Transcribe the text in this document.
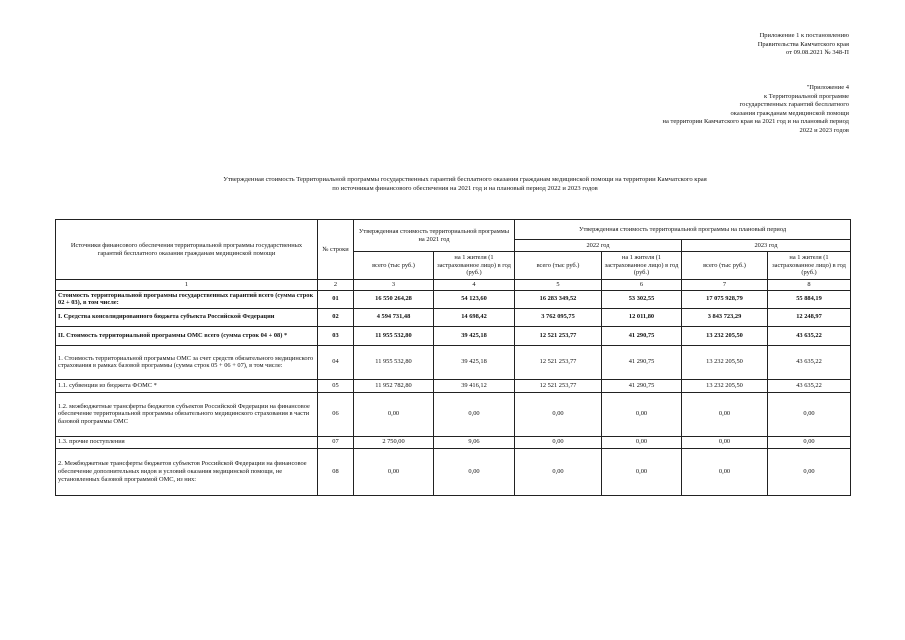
Приложение 1 к постановлению
Правительства Камчатского края
от 09.08.2021 № 348-П
"Приложение 4
к Территориальной программе
государственных гарантий бесплатного
оказания гражданам медицинской помощи
на территории Камчатского края на 2021 год и на плановый период
2022 и 2023 годов
Утвержденная стоимость Территориальной программы государственных гарантий бесплатного оказания гражданам медицинской помощи на территории Камчатского края
по источникам финансового обеспечения на 2021 год и на плановый период 2022 и 2023 годов
Источники финансового обеспечения территориальной программы государственных гарантий бесплатного оказания гражданам медицинской помощи	№ строки	Утвержденная стоимость территориальной программы на 2021 год		Утвержденная стоимость территориальной программы на плановый период			
				2022 год		2023 год	
		всего (тыс руб.)	на 1 жителя (1 застрахованное лицо) в год (руб.)	всего (тыс руб.)	на 1 жителя (1 застрахованное лицо) в год (руб.)	всего (тыс руб.)	на 1 жителя (1 застрахованное лицо) в год (руб.)
1	2	3	4	5	6	7	8
Стоимость территориальной программы государственных гарантий всего (сумма строк 02 + 03), в том числе:	01	16 550 264,28	54 123,60	16 283 349,52	53 302,55	17 075 928,79	55 884,19
I. Средства консолидированного бюджета субъекта Российской Федерации	02	4 594 731,48	14 698,42	3 762 095,75	12 011,80	3 843 723,29	12 248,97
II. Стоимость территориальной программы ОМС всего (сумма строк 04 + 08) *	03	11 955 532,80	39 425,18	12 521 253,77	41 290,75	13 232 205,50	43 635,22
1. Стоимость территориальной программы ОМС за счет средств обязательного медицинского страхования в рамках базовой программы (сумма строк 05 + 06 + 07), в том числе:	04	11 955 532,80	39 425,18	12 521 253,77	41 290,75	13 232 205,50	43 635,22
1.1. субвенции из бюджета ФОМС *	05	11 952 782,80	39 416,12	12 521 253,77	41 290,75	13 232 205,50	43 635,22
1.2. межбюджетные трансферты бюджетов субъектов Российской Федерации на финансовое обеспечение территориальной программы обязательного медицинского страхования в части базовой программы ОМС	06	0,00	0,00	0,00	0,00	0,00	0,00
1.3. прочие поступления	07	2 750,00	9,06	0,00	0,00	0,00	0,00
2. Межбюджетные трансферты бюджетов субъектов Российской Федерации на финансовое обеспечение дополнительных видов и условий оказания медицинской помощи, не установленных базовой программой ОМС, из них:	08	0,00	0,00	0,00	0,00	0,00	0,00
